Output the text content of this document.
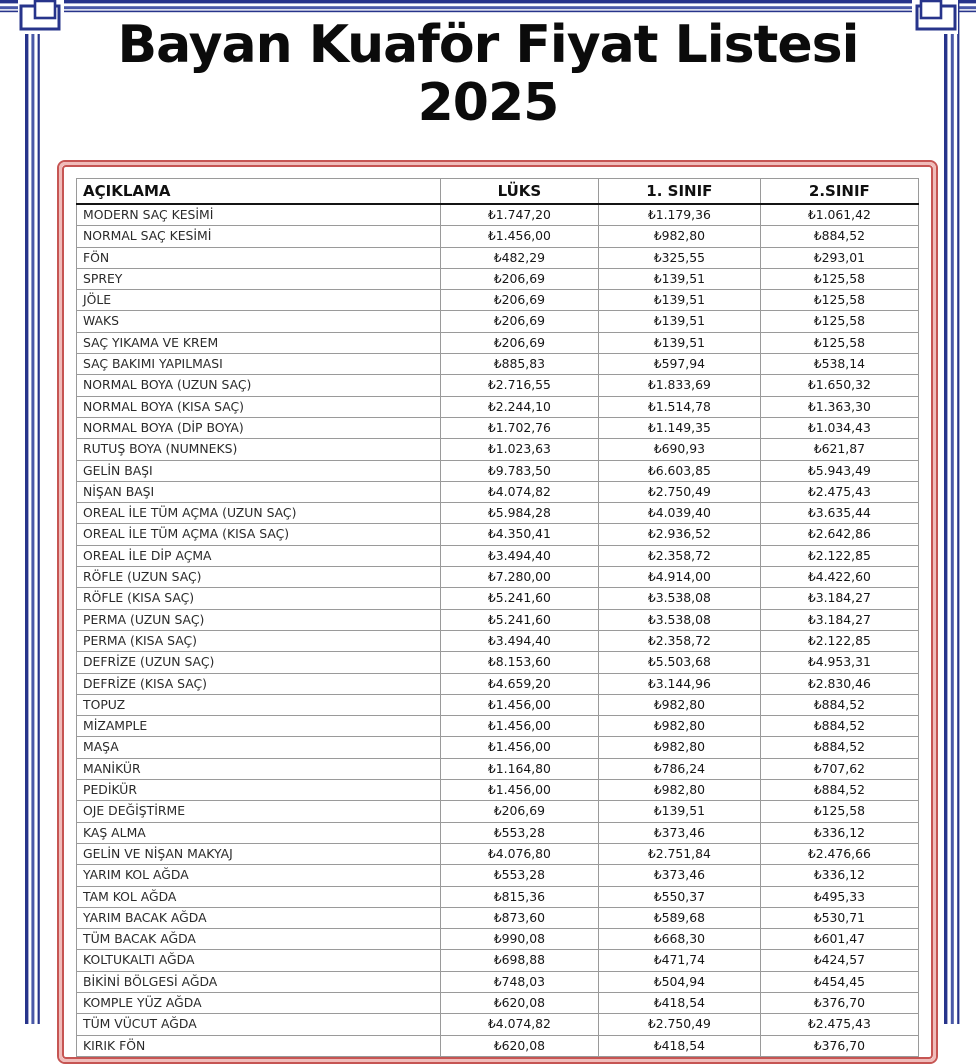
Bayan Kuaför Fiyat Listesi
2025
AÇIKLAMA	LÜKS	1. SINIF	2.SINIF
MODERN SAÇ KESİMİ	₺1.747,20	₺1.179,36	₺1.061,42
NORMAL SAÇ KESİMİ	₺1.456,00	₺982,80	₺884,52
FÖN	₺482,29	₺325,55	₺293,01
SPREY	₺206,69	₺139,51	₺125,58
JÖLE	₺206,69	₺139,51	₺125,58
WAKS	₺206,69	₺139,51	₺125,58
SAÇ YIKAMA VE KREM	₺206,69	₺139,51	₺125,58
SAÇ BAKIMI YAPILMASI	₺885,83	₺597,94	₺538,14
NORMAL BOYA (UZUN SAÇ)	₺2.716,55	₺1.833,69	₺1.650,32
NORMAL BOYA (KISA SAÇ)	₺2.244,10	₺1.514,78	₺1.363,30
NORMAL BOYA (DİP BOYA)	₺1.702,76	₺1.149,35	₺1.034,43
RUTUŞ BOYA (NUMNEKS)	₺1.023,63	₺690,93	₺621,87
GELİN BAŞI	₺9.783,50	₺6.603,85	₺5.943,49
NİŞAN BAŞI	₺4.074,82	₺2.750,49	₺2.475,43
OREAL İLE TÜM AÇMA (UZUN SAÇ)	₺5.984,28	₺4.039,40	₺3.635,44
OREAL İLE TÜM AÇMA (KISA SAÇ)	₺4.350,41	₺2.936,52	₺2.642,86
OREAL İLE DİP AÇMA	₺3.494,40	₺2.358,72	₺2.122,85
RÖFLE (UZUN SAÇ)	₺7.280,00	₺4.914,00	₺4.422,60
RÖFLE (KISA SAÇ)	₺5.241,60	₺3.538,08	₺3.184,27
PERMA (UZUN SAÇ)	₺5.241,60	₺3.538,08	₺3.184,27
PERMA (KISA SAÇ)	₺3.494,40	₺2.358,72	₺2.122,85
DEFRİZE (UZUN SAÇ)	₺8.153,60	₺5.503,68	₺4.953,31
DEFRİZE (KISA SAÇ)	₺4.659,20	₺3.144,96	₺2.830,46
TOPUZ	₺1.456,00	₺982,80	₺884,52
MİZAMPLE	₺1.456,00	₺982,80	₺884,52
MAŞA	₺1.456,00	₺982,80	₺884,52
MANİKÜR	₺1.164,80	₺786,24	₺707,62
PEDİKÜR	₺1.456,00	₺982,80	₺884,52
OJE DEĞİŞTİRME	₺206,69	₺139,51	₺125,58
KAŞ ALMA	₺553,28	₺373,46	₺336,12
GELİN VE NİŞAN MAKYAJ	₺4.076,80	₺2.751,84	₺2.476,66
YARIM KOL AĞDA	₺553,28	₺373,46	₺336,12
TAM KOL AĞDA	₺815,36	₺550,37	₺495,33
YARIM BACAK AĞDA	₺873,60	₺589,68	₺530,71
TÜM BACAK AĞDA	₺990,08	₺668,30	₺601,47
KOLTUKALTI AĞDA	₺698,88	₺471,74	₺424,57
BİKİNİ BÖLGESİ AĞDA	₺748,03	₺504,94	₺454,45
KOMPLE YÜZ AĞDA	₺620,08	₺418,54	₺376,70
TÜM VÜCUT AĞDA	₺4.074,82	₺2.750,49	₺2.475,43
KIRIK FÖN	₺620,08	₺418,54	₺376,70
